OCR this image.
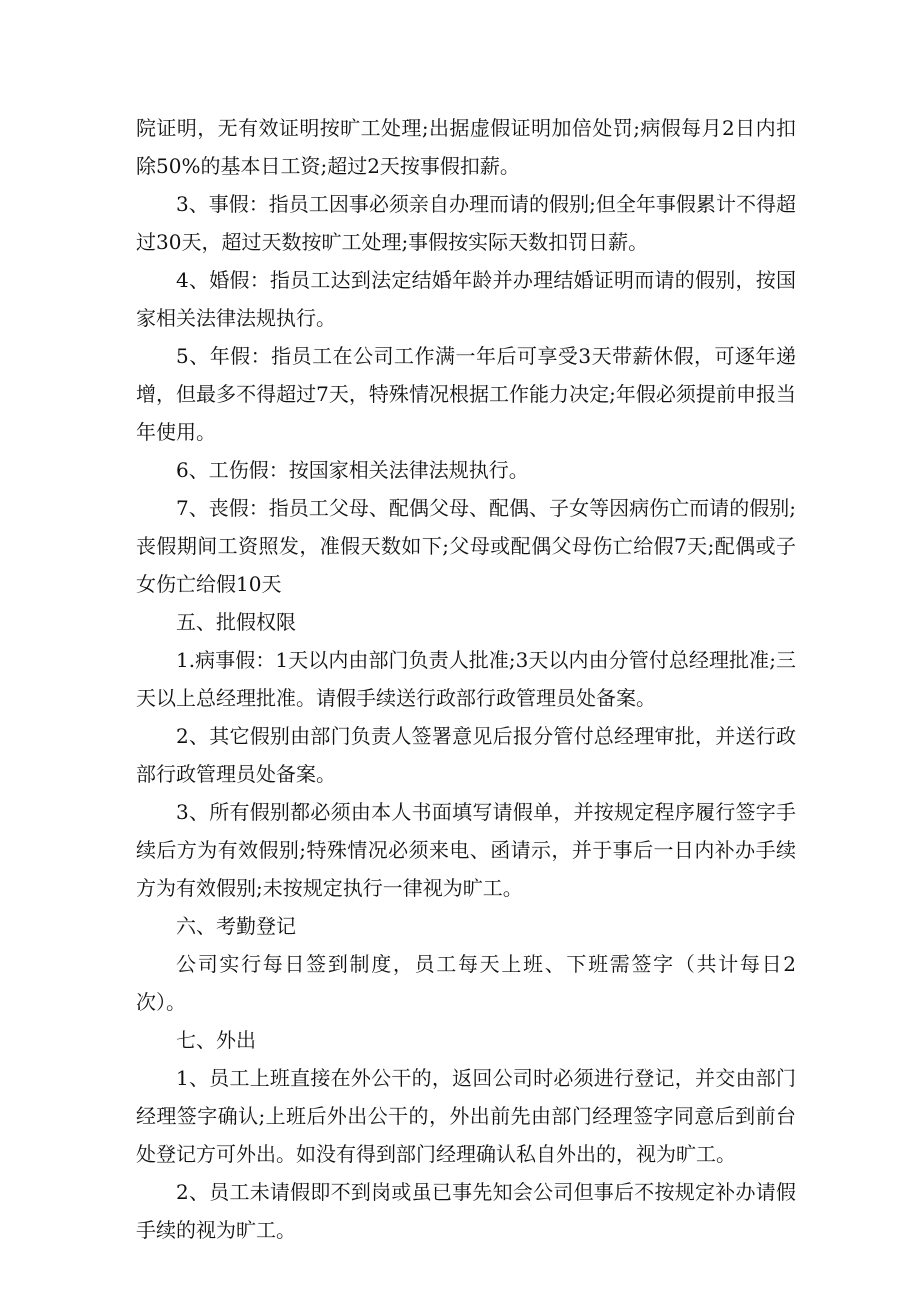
院证明，无有效证明按旷工处理;出据虚假证明加倍处罚;病假每月2日内扣除50%的基本日工资;超过2天按事假扣薪。

3、事假：指员工因事必须亲自办理而请的假别;但全年事假累计不得超过30天，超过天数按旷工处理;事假按实际天数扣罚日薪。

4、婚假：指员工达到法定结婚年龄并办理结婚证明而请的假别，按国家相关法律法规执行。

5、年假：指员工在公司工作满一年后可享受3天带薪休假，可逐年递增，但最多不得超过7天，特殊情况根据工作能力决定;年假必须提前申报当年使用。

6、工伤假：按国家相关法律法规执行。

7、丧假：指员工父母、配偶父母、配偶、子女等因病伤亡而请的假别;丧假期间工资照发，准假天数如下;父母或配偶父母伤亡给假7天;配偶或子女伤亡给假10天

五、批假权限

1.病事假：1天以内由部门负责人批准;3天以内由分管付总经理批准;三天以上总经理批准。请假手续送行政部行政管理员处备案。

2、其它假别由部门负责人签署意见后报分管付总经理审批，并送行政部行政管理员处备案。

3、所有假别都必须由本人书面填写请假单，并按规定程序履行签字手续后方为有效假别;特殊情况必须来电、函请示，并于事后一日内补办手续方为有效假别;未按规定执行一律视为旷工。

六、考勤登记

公司实行每日签到制度，员工每天上班、下班需签字（共计每日2次）。

七、外出

1、员工上班直接在外公干的，返回公司时必须进行登记，并交由部门经理签字确认;上班后外出公干的，外出前先由部门经理签字同意后到前台处登记方可外出。如没有得到部门经理确认私自外出的，视为旷工。

2、员工未请假即不到岗或虽已事先知会公司但事后不按规定补办请假手续的视为旷工。
